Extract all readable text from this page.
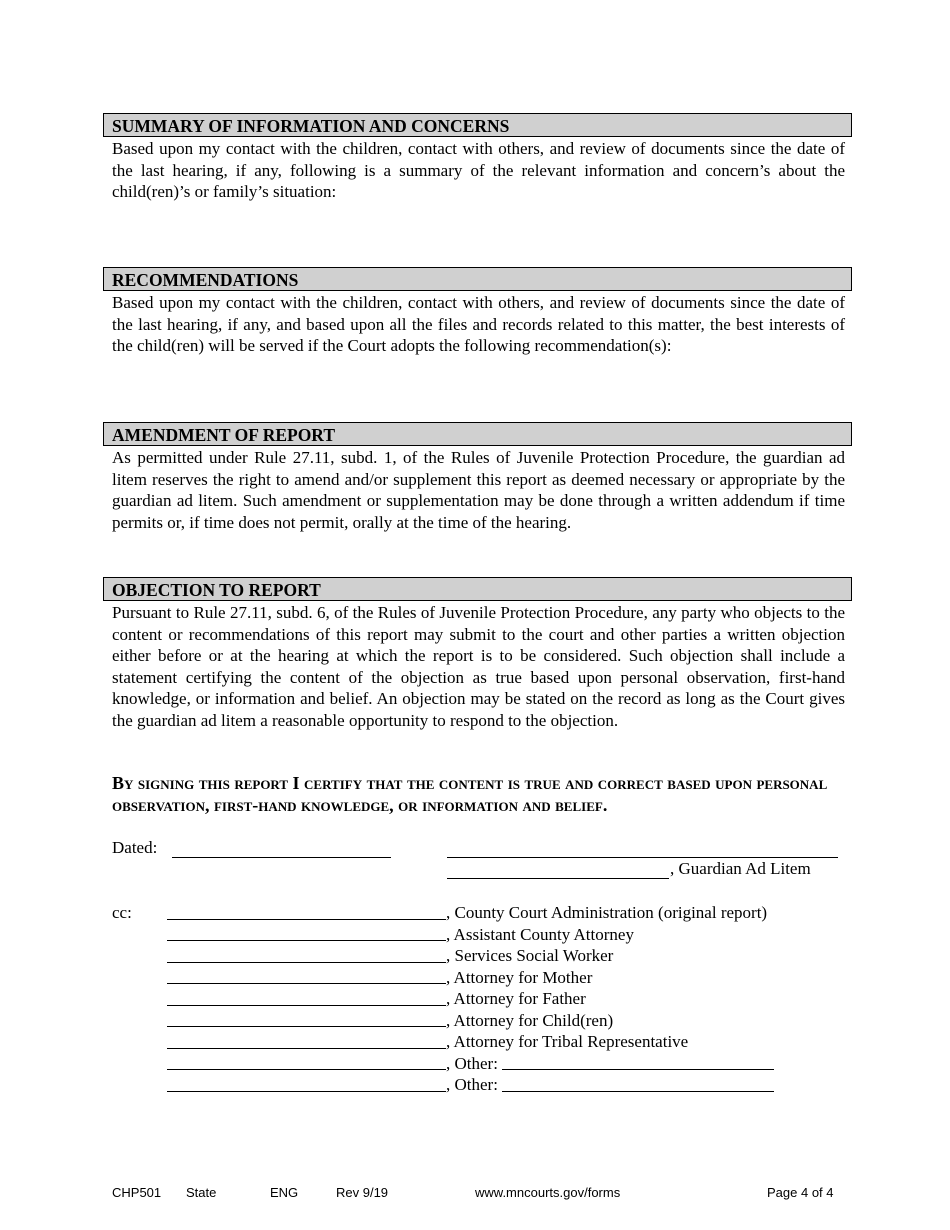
SUMMARY OF INFORMATION AND CONCERNS

Based upon my contact with the children, contact with others, and review of documents since the date of the last hearing, if any, following is a summary of the relevant information and concern’s about the child(ren)’s or family’s situation:

RECOMMENDATIONS

Based upon my contact with the children, contact with others, and review of documents since the date of the last hearing, if any, and based upon all the files and records related to this matter, the best interests of the child(ren) will be served if the Court adopts the following recommendation(s):

AMENDMENT OF REPORT

As permitted under Rule 27.11, subd. 1, of the Rules of Juvenile Protection Procedure, the guardian ad litem reserves the right to amend and/or supplement this report as deemed necessary or appropriate by the guardian ad litem. Such amendment or supplementation may be done through a written addendum if time permits or, if time does not permit, orally at the time of the hearing.

OBJECTION TO REPORT

Pursuant to Rule 27.11, subd. 6, of the Rules of Juvenile Protection Procedure, any party who objects to the content or recommendations of this report may submit to the court and other parties a written objection either before or at the hearing at which the report is to be considered. Such objection shall include a statement certifying the content of the objection as true based upon personal observation, first-hand knowledge, or information and belief. An objection may be stated on the record as long as the Court gives the guardian ad litem a reasonable opportunity to respond to the objection.

By signing this report I certify that the content is true and correct based upon personal observation, first-hand knowledge, or information and belief.

Dated:
, Guardian Ad Litem
cc:	, County Court Administration (original report)
, Assistant County Attorney
, Services Social Worker
, Attorney for Mother
, Attorney for Father
, Attorney for Child(ren)
, Attorney for Tribal Representative
, Other:
, Other:
CHP501 State	ENG	Rev 9/19	www.mncourts.gov/forms	Page 4 of 4
